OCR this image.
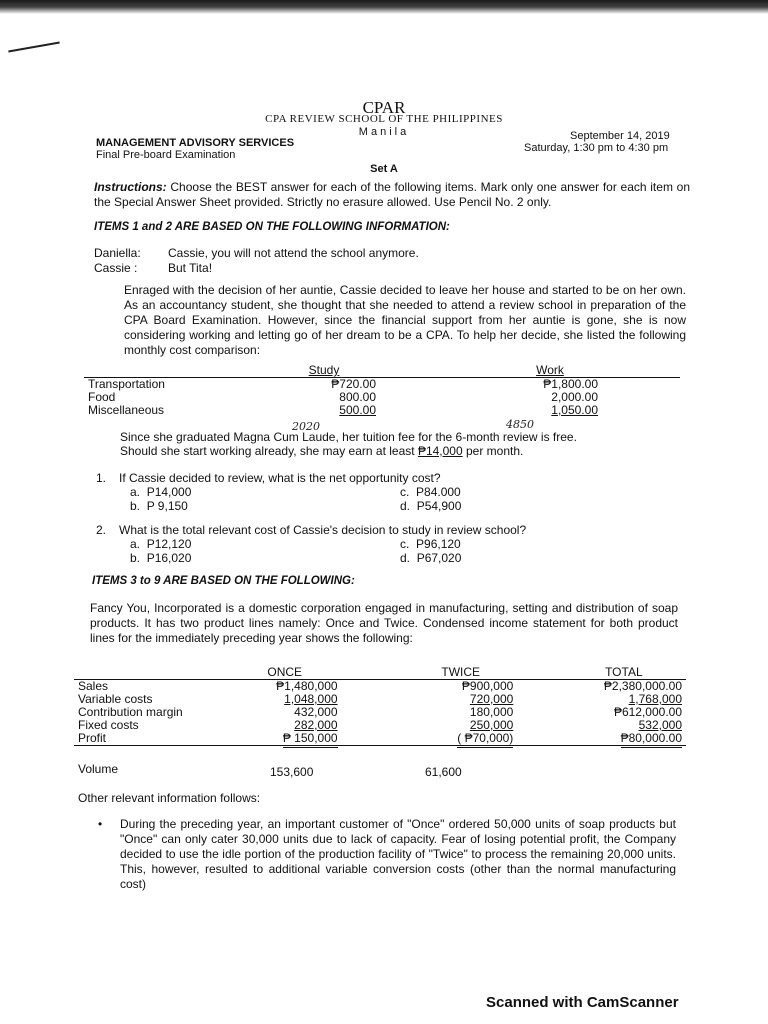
CPAR
CPA REVIEW SCHOOL OF THE PHILIPPINES
Manila
MANAGEMENT ADVISORY SERVICES
Final Pre-board Examination
September 14, 2019
Saturday, 1:30 pm to 4:30 pm
Set A
Instructions: Choose the BEST answer for each of the following items. Mark only one answer for each item on the Special Answer Sheet provided. Strictly no erasure allowed. Use Pencil No. 2 only.
ITEMS 1 and 2 ARE BASED ON THE FOLLOWING INFORMATION:
Daniella: Cassie, you will not attend the school anymore.
Cassie :	But Tita!
Enraged with the decision of her auntie, Cassie decided to leave her house and started to be on her own. As an accountancy student, she thought that she needed to attend a review school in preparation of the CPA Board Examination. However, since the financial support from her auntie is gone, she is now considering working and letting go of her dream to be a CPA. To help her decide, she listed the following monthly cost comparison:
	Study		Work	
Transportation	₱720.00		₱1,800.00	
Food	800.00		2,000.00	
Miscellaneous	500.00		1,050.00	
2020	4850
Since she graduated Magna Cum Laude, her tuition fee for the 6-month review is free.
Should she start working already, she may earn at least ₱14,000 per month.
1. If Cassie decided to review, what is the net opportunity cost?
a. P14,000
b. P 9,150
c. P84.000
d. P54,900
2. What is the total relevant cost of Cassie's decision to study in review school?
a. P12,120
b. P16,020
c. P96,120
d. P67,020
ITEMS 3 to 9 ARE BASED ON THE FOLLOWING:
Fancy You, Incorporated is a domestic corporation engaged in manufacturing, setting and distribution of soap products. It has two product lines namely: Once and Twice. Condensed income statement for both product lines for the immediately preceding year shows the following:
	ONCE		TWICE		TOTAL
Sales	₱1,480,000		₱900,000		₱2,380,000.00
Variable costs	1,048,000		720,000		1,768,000
Contribution margin	432,000		180,000		₱612,000.00
Fixed costs	282,000		250,000		532,000
Profit	₱ 150,000		( ₱70,000)		₱80,000.00
Volume	153,600	61,600
Other relevant information follows:
• During the preceding year, an important customer of "Once" ordered 50,000 units of soap products but "Once" can only cater 30,000 units due to lack of capacity. Fear of losing potential profit, the Company decided to use the idle portion of the production facility of "Twice" to process the remaining 20,000 units. This, however, resulted to additional variable conversion costs (other than the normal manufacturing cost)
Scanned with CamScanner
